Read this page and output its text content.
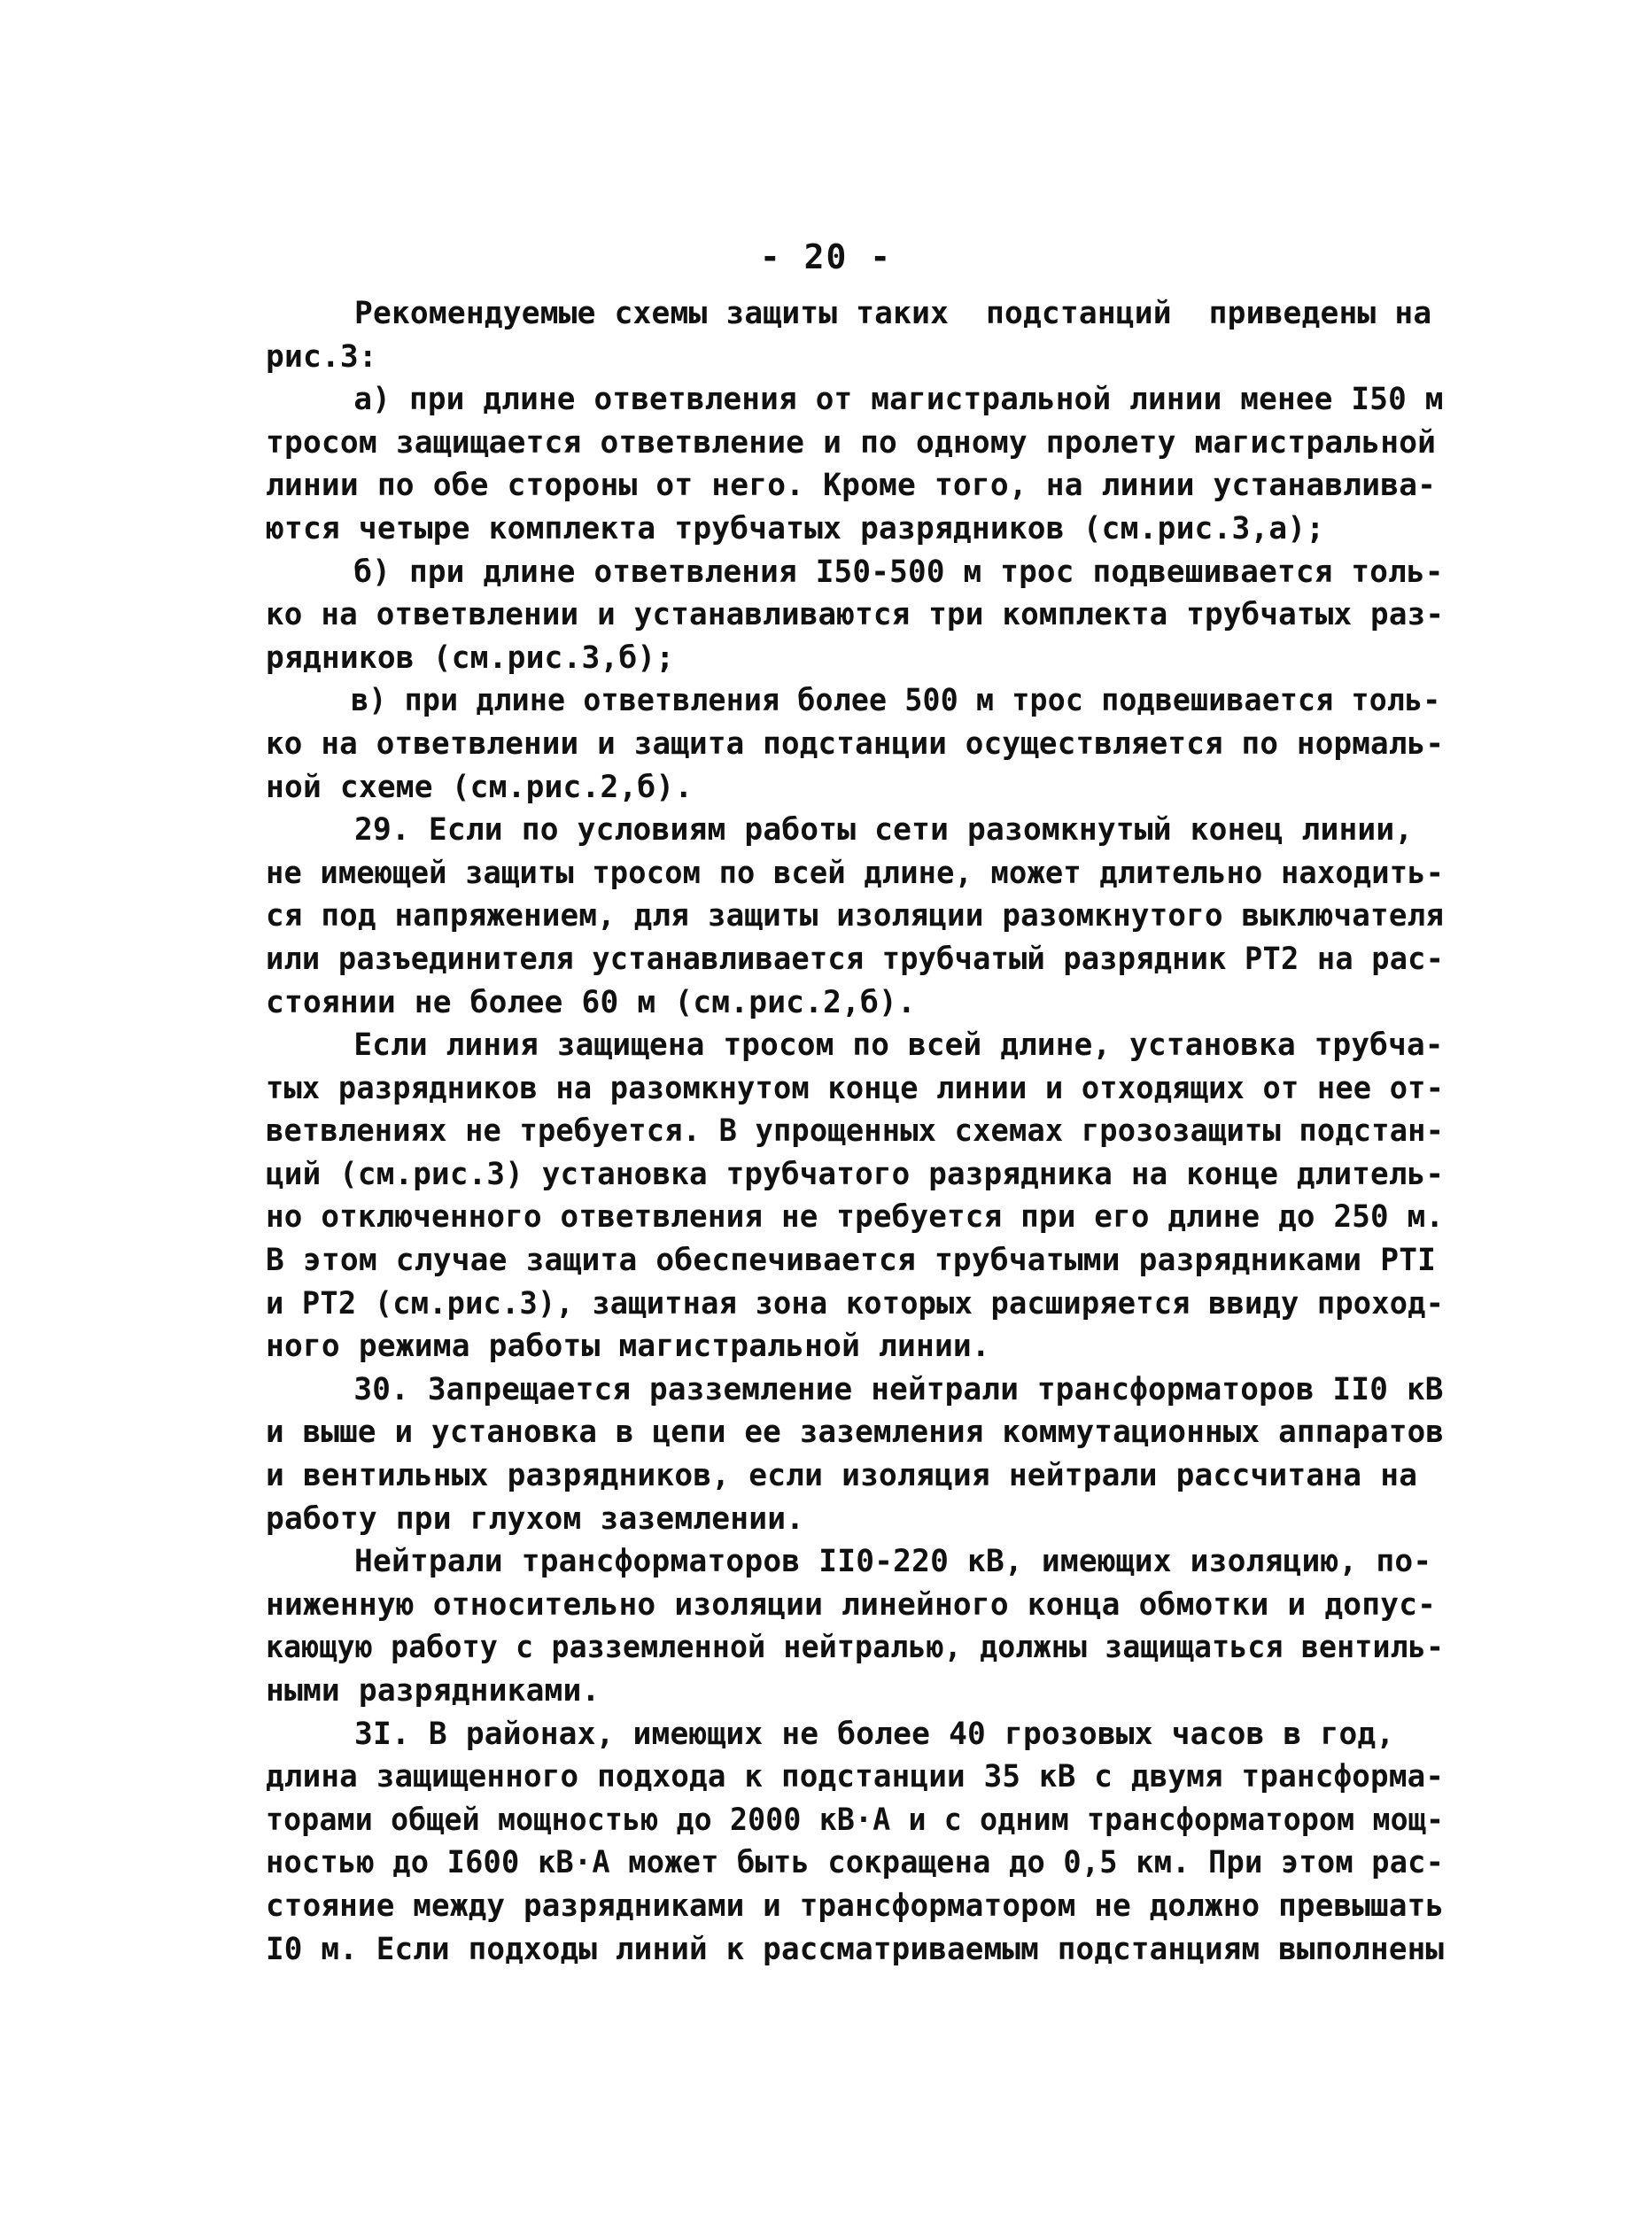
- 20 -
Рекомендуемые схемы защиты таких  подстанций  приведены на
рис.3:
а) при длине ответвления от магистральной линии менее I50 м
тросом защищается ответвление и по одному пролету магистральной
линии по обе стороны от него. Кроме того, на линии устанавлива-
ются четыре комплекта трубчатых разрядников (см.рис.3,а);
б) при длине ответвления I50-500 м трос подвешивается толь-
ко на ответвлении и устанавливаются три комплекта трубчатых раз-
рядников (см.рис.3,б);
в) при длине ответвления более 500 м трос подвешивается толь-
ко на ответвлении и защита подстанции осуществляется по нормаль-
ной схеме (см.рис.2,б).
29. Если по условиям работы сети разомкнутый конец линии,
не имеющей защиты тросом по всей длине, может длительно находить-
ся под напряжением, для защиты изоляции разомкнутого выключателя
или разъединителя устанавливается трубчатый разрядник РТ2 на рас-
стоянии не более 60 м (см.рис.2,б).
Если линия защищена тросом по всей длине, установка трубча-
тых разрядников на разомкнутом конце линии и отходящих от нее от-
ветвлениях не требуется. В упрощенных схемах грозозащиты подстан-
ций (см.рис.3) установка трубчатого разрядника на конце длитель-
но отключенного ответвления не требуется при его длине до 250 м.
В этом случае защита обеспечивается трубчатыми разрядниками РТI
и РТ2 (см.рис.3), защитная зона которых расширяется ввиду проход-
ного режима работы магистральной линии.
30. Запрещается разземление нейтрали трансформаторов II0 кВ
и выше и установка в цепи ее заземления коммутационных аппаратов
и вентильных разрядников, если изоляция нейтрали рассчитана на
работу при глухом заземлении.
Нейтрали трансформаторов II0-220 кВ, имеющих изоляцию, по-
ниженную относительно изоляции линейного конца обмотки и допус-
кающую работу с разземленной нейтралью, должны защищаться вентиль-
ными разрядниками.
3I. В районах, имеющих не более 40 грозовых часов в год,
длина защищенного подхода к подстанции 35 кВ с двумя трансформа-
торами общей мощностью до 2000 кВ·А и с одним трансформатором мощ-
ностью до I600 кВ·А может быть сокращена до 0,5 км. При этом рас-
стояние между разрядниками и трансформатором не должно превышать
I0 м. Если подходы линий к рассматриваемым подстанциям выполнены
